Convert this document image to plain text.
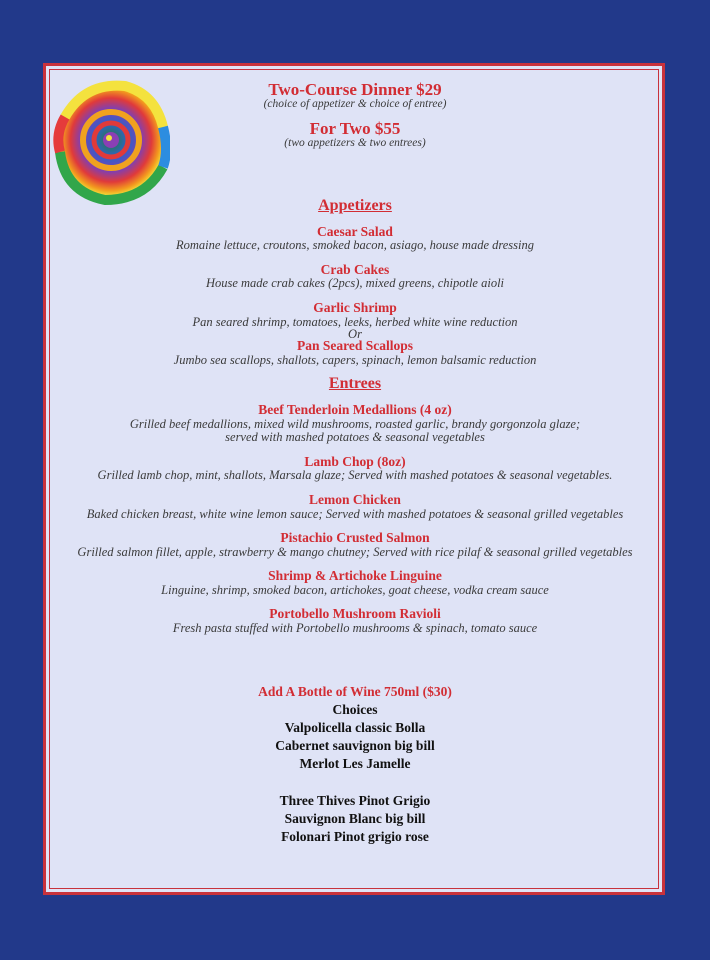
Two-Course Dinner $29
(choice of appetizer & choice of entree)
For Two $55
(two appetizers & two entrees)
Appetizers
Caesar Salad
Romaine lettuce, croutons, smoked bacon, asiago, house made dressing
Crab Cakes
House made crab cakes (2pcs), mixed greens, chipotle aioli
Garlic Shrimp
Pan seared shrimp, tomatoes, leeks, herbed white wine reduction
Or
Pan Seared Scallops
Jumbo sea scallops, shallots, capers, spinach, lemon balsamic reduction
Entrees
Beef Tenderloin Medallions (4 oz)
Grilled beef medallions, mixed wild mushrooms, roasted garlic, brandy gorgonzola glaze;
served with mashed potatoes & seasonal vegetables
Lamb Chop (8oz)
Grilled lamb chop, mint, shallots, Marsala glaze; Served with mashed potatoes & seasonal vegetables.
Lemon Chicken
Baked chicken breast, white wine lemon sauce; Served with mashed potatoes & seasonal grilled vegetables
Pistachio Crusted Salmon
Grilled salmon fillet, apple, strawberry & mango chutney; Served with rice pilaf & seasonal grilled vegetables
Shrimp & Artichoke Linguine
Linguine, shrimp, smoked bacon, artichokes, goat cheese, vodka cream sauce
Portobello Mushroom Ravioli
Fresh pasta stuffed with Portobello mushrooms & spinach, tomato sauce
Add A Bottle of Wine 750ml ($30)
Choices
Valpolicella classic Bolla
Cabernet sauvignon big bill
Merlot Les Jamelle
Three Thives Pinot Grigio
Sauvignon Blanc big bill
Folonari Pinot grigio rose
